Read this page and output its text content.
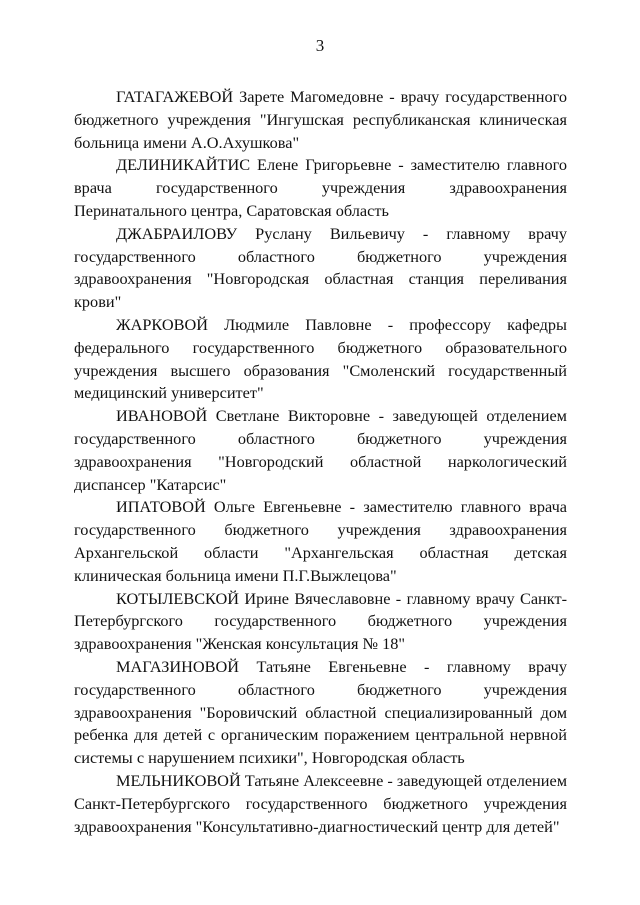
3

ГАТАГАЖЕВОЙ Зарете Магомедовне - врачу государственного
бюджетного учреждения "Ингушская республиканская клиническая
больница имени А.О.Ахушкова"

ДЕЛИНИКАЙТИС Елене Григорьевне - заместителю главного
врача государственного учреждения здравоохранения
Перинатального центра, Саратовская область

ДЖАБРАИЛОВУ Руслану Вильевичу - главному врачу
государственного областного бюджетного учреждения
здравоохранения "Новгородская областная станция переливания
крови"

ЖАРКОВОЙ Людмиле Павловне - профессору кафедры
федерального государственного бюджетного образовательного
учреждения высшего образования "Смоленский государственный
медицинский университет"

ИВАНОВОЙ Светлане Викторовне - заведующей отделением
государственного областного бюджетного учреждения
здравоохранения "Новгородский областной наркологический
диспансер "Катарсис"

ИПАТОВОЙ Ольге Евгеньевне - заместителю главного врача
государственного бюджетного учреждения здравоохранения
Архангельской области "Архангельская областная детская
клиническая больница имени П.Г.Выжлецова"

КОТЫЛЕВСКОЙ Ирине Вячеславовне - главному врачу Санкт-
Петербургского государственного бюджетного учреждения
здравоохранения "Женская консультация № 18"

МАГАЗИНОВОЙ Татьяне Евгеньевне - главному врачу
государственного областного бюджетного учреждения
здравоохранения "Боровичский областной специализированный дом
ребенка для детей с органическим поражением центральной нервной
системы с нарушением психики", Новгородская область

МЕЛЬНИКОВОЙ Татьяне Алексеевне - заведующей отделением
Санкт-Петербургского государственного бюджетного учреждения
здравоохранения "Консультативно-диагностический центр для детей"
